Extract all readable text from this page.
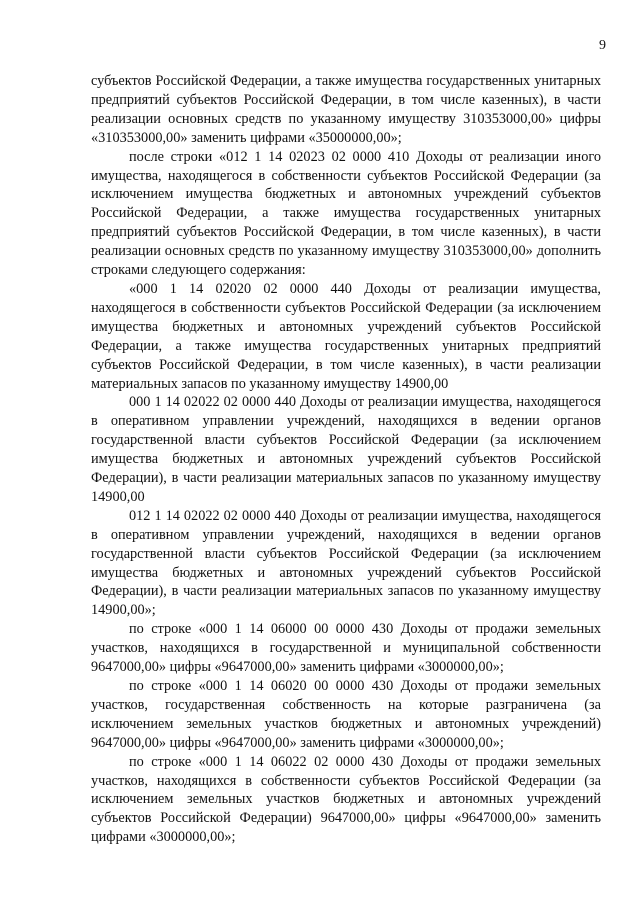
9

субъектов Российской Федерации, а также имущества государственных унитарных предприятий субъектов Российской Федерации, в том числе казенных), в части реализации основных средств по указанному имуществу 310353000,00» цифры «310353000,00» заменить цифрами «35000000,00»;

после строки «012 1 14 02023 02 0000 410 Доходы от реализации иного имущества, находящегося в собственности субъектов Российской Федерации (за исключением имущества бюджетных и автономных учреждений субъектов Российской Федерации, а также имущества государственных унитарных предприятий субъектов Российской Федерации, в том числе казенных), в части реализации основных средств по указанному имуществу 310353000,00» дополнить строками следующего содержания:

«000 1 14 02020 02 0000 440 Доходы от реализации имущества, находящегося в собственности субъектов Российской Федерации (за исключением имущества бюджетных и автономных учреждений субъектов Российской Федерации, а также имущества государственных унитарных предприятий субъектов Российской Федерации, в том числе казенных), в части реализации материальных запасов по указанному имуществу 14900,00

000 1 14 02022 02 0000 440 Доходы от реализации имущества, находящегося в оперативном управлении учреждений, находящихся в ведении органов государственной власти субъектов Российской Федерации (за исключением имущества бюджетных и автономных учреждений субъектов Российской Федерации), в части реализации материальных запасов по указанному имуществу 14900,00

012 1 14 02022 02 0000 440 Доходы от реализации имущества, находящегося в оперативном управлении учреждений, находящихся в ведении органов государственной власти субъектов Российской Федерации (за исключением имущества бюджетных и автономных учреждений субъектов Российской Федерации), в части реализации материальных запасов по указанному имуществу 14900,00»;

по строке «000 1 14 06000 00 0000 430 Доходы от продажи земельных участков, находящихся в государственной и муниципальной собственности 9647000,00» цифры «9647000,00» заменить цифрами «3000000,00»;

по строке «000 1 14 06020 00 0000 430 Доходы от продажи земельных участков, государственная собственность на которые разграничена (за исключением земельных участков бюджетных и автономных учреждений) 9647000,00» цифры «9647000,00» заменить цифрами «3000000,00»;

по строке «000 1 14 06022 02 0000 430 Доходы от продажи земельных участков, находящихся в собственности субъектов Российской Федерации (за исключением земельных участков бюджетных и автономных учреждений субъектов Российской Федерации) 9647000,00» цифры «9647000,00» заменить цифрами «3000000,00»;
